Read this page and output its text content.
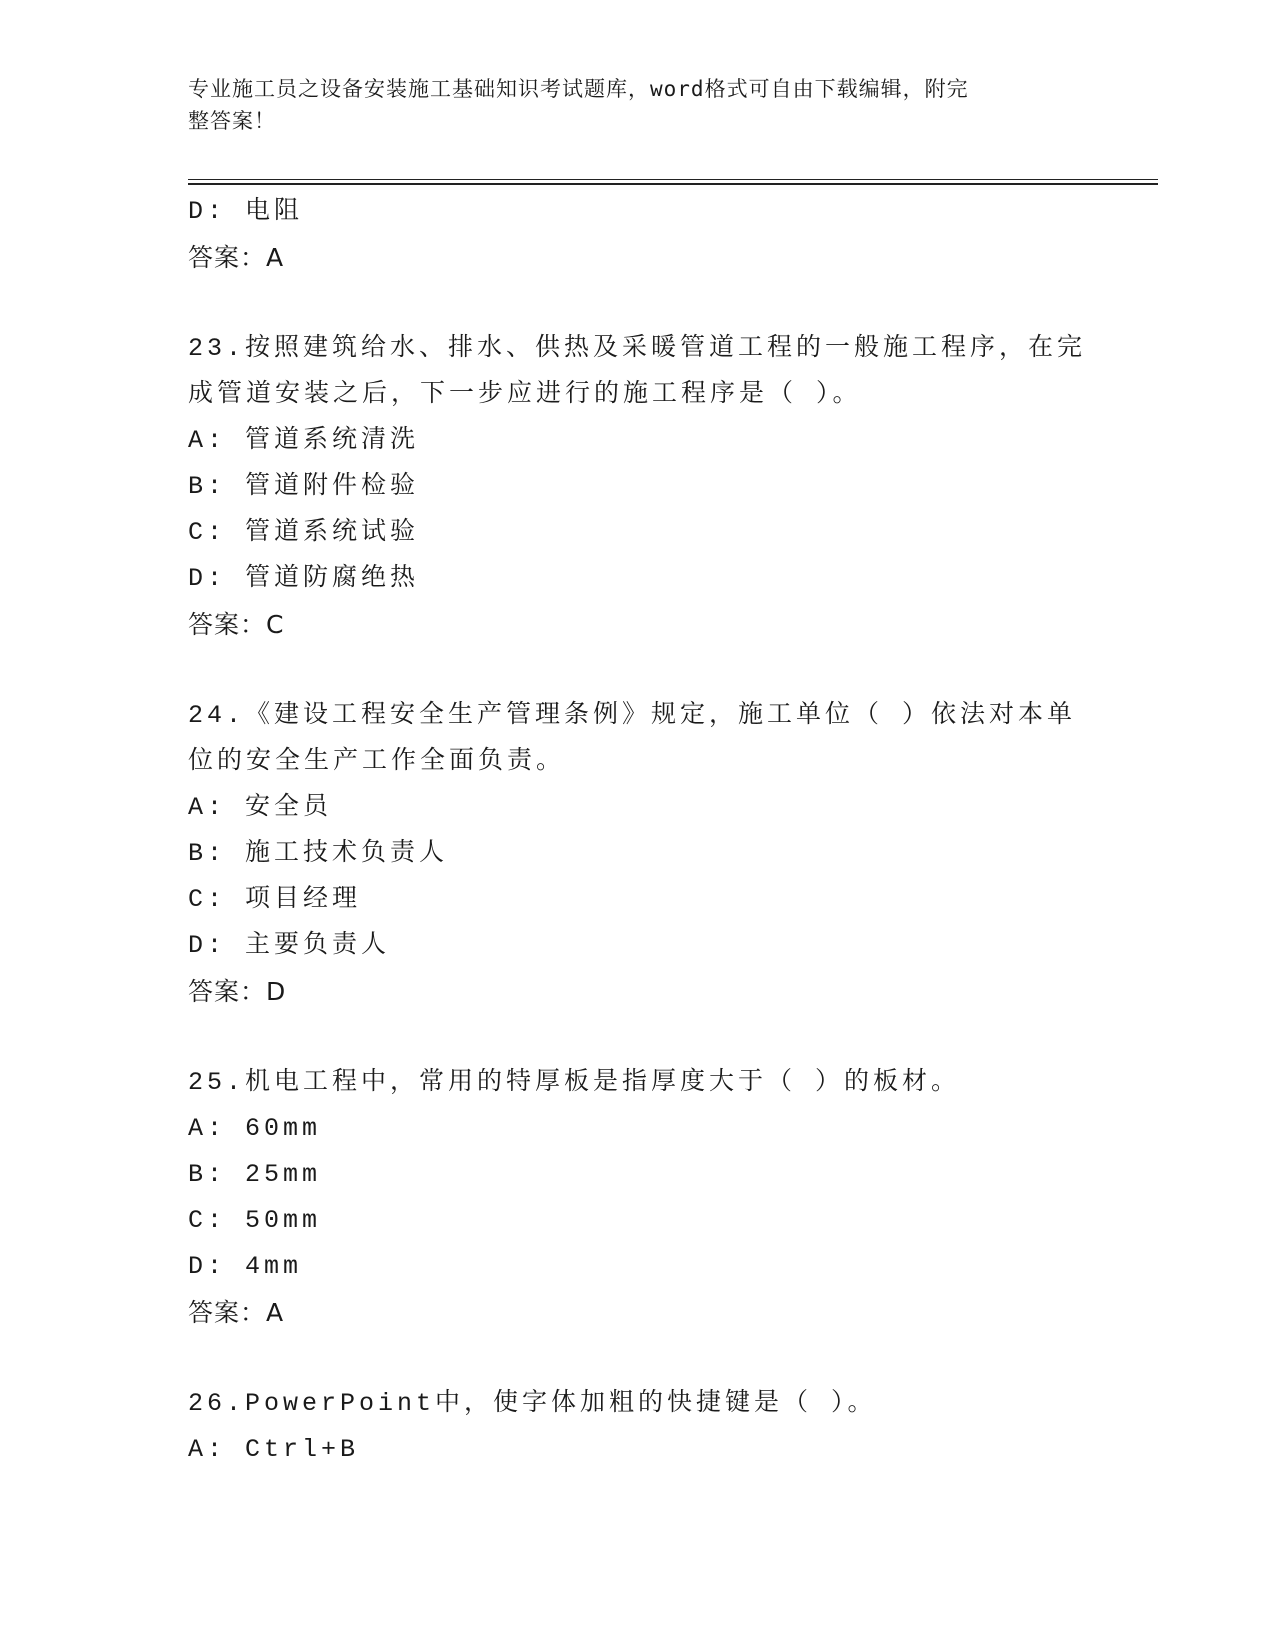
专业施工员之设备安装施工基础知识考试题库，word格式可自由下载编辑，附完
整答案！
D: 电阻
答案：A
23.按照建筑给水、排水、供热及采暖管道工程的一般施工程序，在完
成管道安装之后，下一步应进行的施工程序是（ ）。
A: 管道系统清洗
B: 管道附件检验
C: 管道系统试验
D: 管道防腐绝热
答案：C
24.《建设工程安全生产管理条例》规定，施工单位（ ）依法对本单
位的安全生产工作全面负责。
A: 安全员
B: 施工技术负责人
C: 项目经理
D: 主要负责人
答案：D
25.机电工程中，常用的特厚板是指厚度大于（ ）的板材。
A: 60mm
B: 25mm
C: 50mm
D: 4mm
答案：A
26.PowerPoint中，使字体加粗的快捷键是（ ）。
A: Ctrl+B
